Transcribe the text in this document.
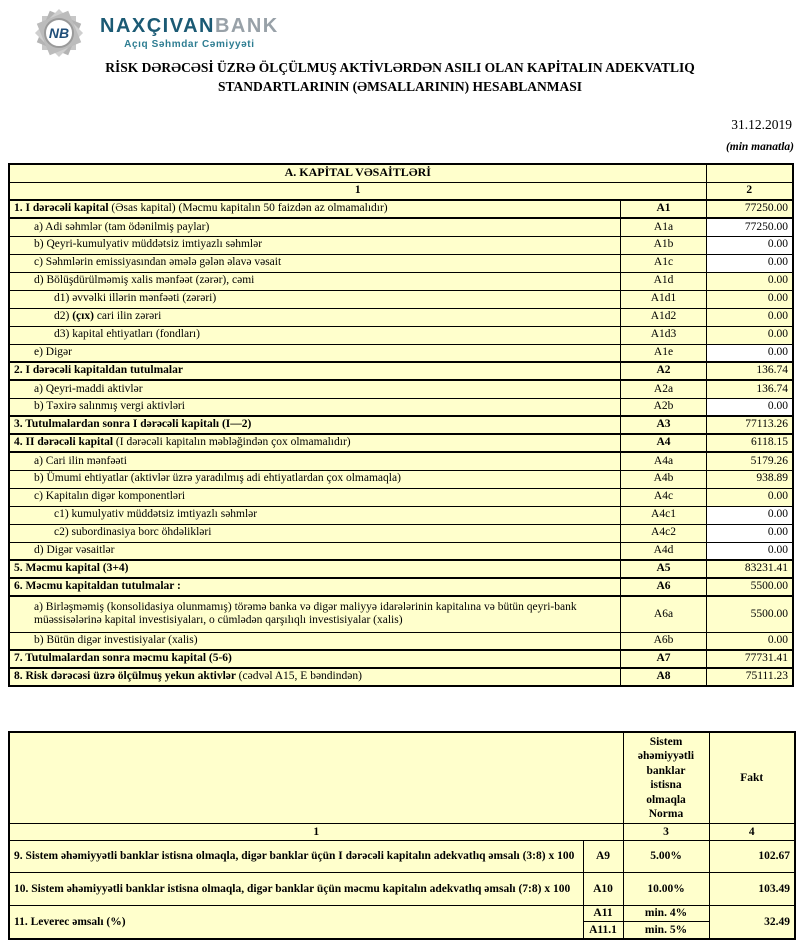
NB	NAXÇIVANBANK
Açıq Səhmdar Cəmiyyəti
RİSK DƏRƏCƏSİ ÜZRƏ ÖLÇÜLMUŞ AKTİVLƏRDƏN ASILI OLAN KAPİTALIN ADEKVATLIQ
STANDARTLARININ (ƏMSALLARININ) HESABLANMASI
31.12.2019
(min manatla)
A. KAPİTAL VƏSAİTLƏRİ		
1		2
1. I dərəcəli kapital (Əsas kapital) (Məcmu kapitalın 50 faizdən az olmamalıdır)	A1	77250.00
a) Adi səhmlər (tam ödənilmiş paylar)	A1a	77250.00
b) Qeyri-kumulyativ müddətsiz imtiyazlı səhmlər	A1b	0.00
c) Səhmlərin emissiyasından əmələ gələn əlavə vəsait	A1c	0.00
d) Bölüşdürülməmiş xalis mənfəət (zərər), cəmi	A1d	0.00
d1) əvvəlki illərin mənfəəti (zərəri)	A1d1	0.00
d2) (çıx) cari ilin zərəri	A1d2	0.00
d3) kapital ehtiyatları (fondları)	A1d3	0.00
e) Digər	A1e	0.00
2. I dərəcəli kapitaldan tutulmalar	A2	136.74
a) Qeyri-maddi aktivlər	A2a	136.74
b) Təxirə salınmış vergi aktivləri	A2b	0.00
3. Tutulmalardan sonra I dərəcəli kapitalı (I—2)	A3	77113.26
4. II dərəcəli kapital (I dərəcəli kapitalın məbləğindən çox olmamalıdır)	A4	6118.15
a) Cari ilin mənfəəti	A4a	5179.26
b) Ümumi ehtiyatlar (aktivlər üzrə yaradılmış adi ehtiyatlardan çox olmamaqla)	A4b	938.89
c) Kapitalın digər komponentləri	A4c	0.00
c1) kumulyativ müddətsiz imtiyazlı səhmlər	A4c1	0.00
c2) subordinasiya borc öhdəlikləri	A4c2	0.00
d) Digər vəsaitlər	A4d	0.00
5. Məcmu kapital (3+4)	A5	83231.41
6. Məcmu kapitaldan tutulmalar :	A6	5500.00
a) Birləşməmiş (konsolidasiya olunmamış) törəmə banka və digər maliyyə idarələrinin kapitalına və bütün qeyri-bank müəssisələrinə kapital investisiyaları, o cümlədən qarşılıqlı investisiyalar (xalis)	A6a	5500.00
b) Bütün digər investisiyalar (xalis)	A6b	0.00
7. Tutulmalardan sonra məcmu kapital (5-6)	A7	77731.41
8. Risk dərəcəsi üzrə ölçülmuş yekun aktivlər (cədvəl A15, E bəndindən)	A8	75111.23
		Sistem əhəmiyyətli banklar istisna olmaqla Norma	Fakt
1		3	4
9. Sistem əhəmiyyətli banklar istisna olmaqla, digər banklar üçün I dərəcəli kapitalın adekvatlıq əmsalı (3:8) x 100	A9	5.00%	102.67
10. Sistem əhəmiyyətli banklar istisna olmaqla, digər banklar üçün məcmu kapitalın adekvatlıq əmsalı (7:8) x 100	A10	10.00%	103.49
11. Leverec əmsalı (%)	A11	min. 4%	32.49
	A11.1	min. 5%	
